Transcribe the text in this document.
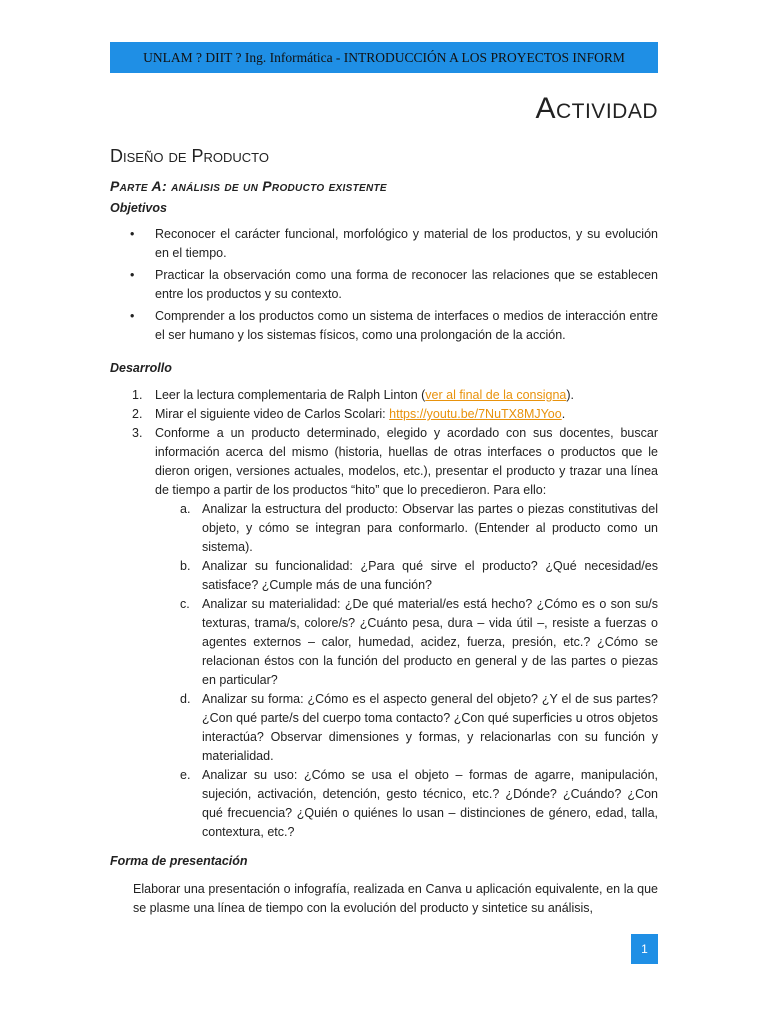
UNLAM ? DIIT ? Ing. Informática - INTRODUCCIÓN A LOS PROYECTOS INFORM
Actividad
Diseño de Producto
Parte A: análisis de un Producto existente
Objetivos
• Reconocer el carácter funcional, morfológico y material de los productos, y su evolución en el tiempo.
• Practicar la observación como una forma de reconocer las relaciones que se establecen entre los productos y su contexto.
• Comprender a los productos como un sistema de interfaces o medios de interacción entre el ser humano y los sistemas físicos, como una prolongación de la acción.
Desarrollo
1. Leer la lectura complementaria de Ralph Linton (ver al final de la consigna).
2. Mirar el siguiente video de Carlos Scolari: https://youtu.be/7NuTX8MJYoo.
3. Conforme a un producto determinado, elegido y acordado con sus docentes, buscar información acerca del mismo (historia, huellas de otras interfaces o productos que le dieron origen, versiones actuales, modelos, etc.), presentar el producto y trazar una línea de tiempo a partir de los productos “hito” que lo precedieron. Para ello:
a. Analizar la estructura del producto: Observar las partes o piezas constitutivas del objeto, y cómo se integran para conformarlo. (Entender al producto como un sistema).
b. Analizar su funcionalidad: ¿Para qué sirve el producto? ¿Qué necesidad/es satisface? ¿Cumple más de una función?
c. Analizar su materialidad: ¿De qué material/es está hecho? ¿Cómo es o son su/s texturas, trama/s, colore/s? ¿Cuánto pesa, dura – vida útil –, resiste a fuerzas o agentes externos – calor, humedad, acidez, fuerza, presión, etc.? ¿Cómo se relacionan éstos con la función del producto en general y de las partes o piezas en particular?
d. Analizar su forma: ¿Cómo es el aspecto general del objeto? ¿Y el de sus partes? ¿Con qué parte/s del cuerpo toma contacto? ¿Con qué superficies u otros objetos interactúa? Observar dimensiones y formas, y relacionarlas con su función y materialidad.
e. Analizar su uso: ¿Cómo se usa el objeto – formas de agarre, manipulación, sujeción, activación, detención, gesto técnico, etc.? ¿Dónde? ¿Cuándo? ¿Con qué frecuencia? ¿Quién o quiénes lo usan – distinciones de género, edad, talla, contextura, etc.?
Forma de presentación

Elaborar una presentación o infografía, realizada en Canva u aplicación equivalente, en la que se plasme una línea de tiempo con la evolución del producto y sintetice su análisis,

1
